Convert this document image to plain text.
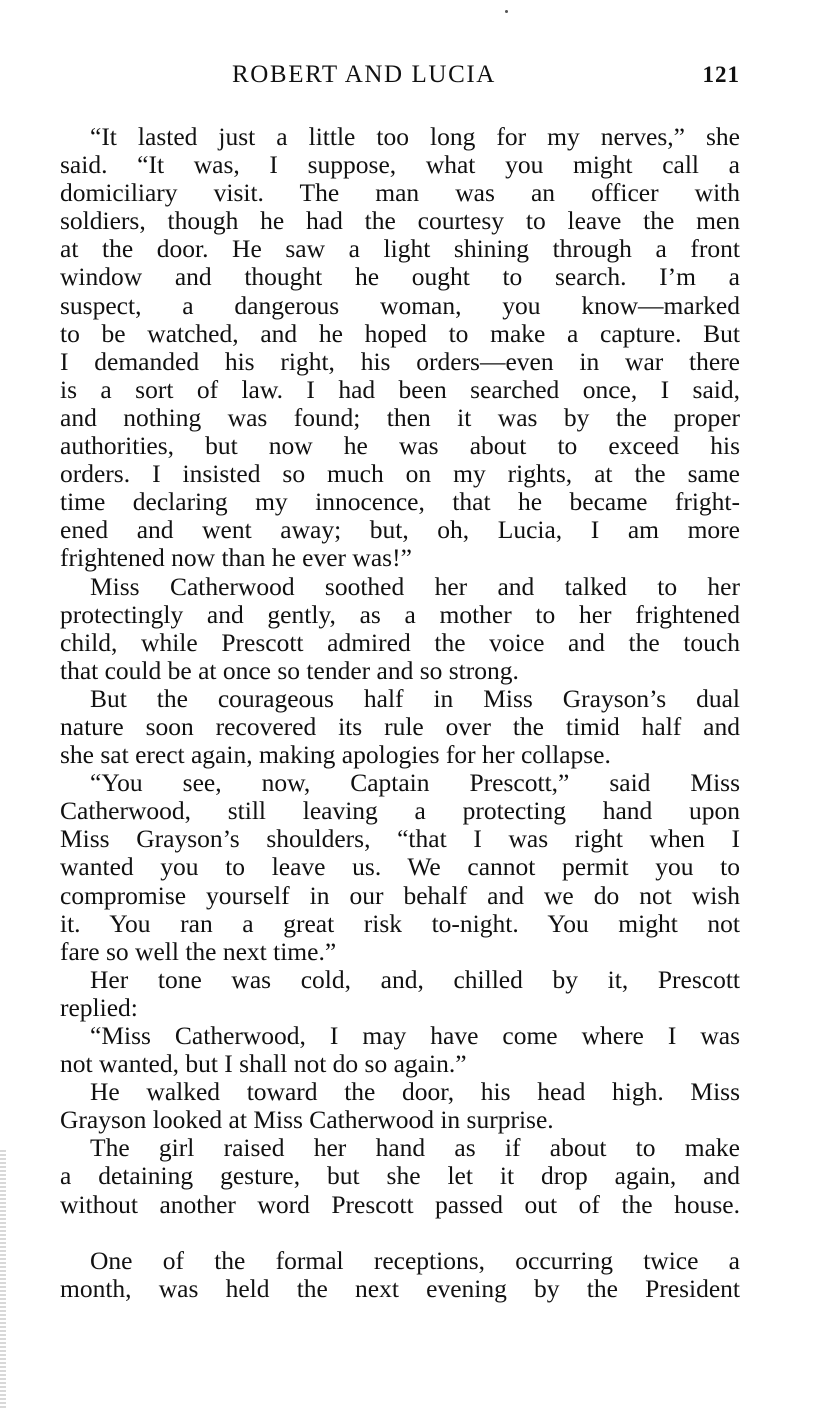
ROBERT AND LUCIA	121
“It lasted just a little too long for my nerves,” she
said. “It was, I suppose, what you might call a
domiciliary visit. The man was an officer with
soldiers, though he had the courtesy to leave the men
at the door. He saw a light shining through a front
window and thought he ought to search. I’m a
suspect, a dangerous woman, you know—marked
to be watched, and he hoped to make a capture. But
I demanded his right, his orders—even in war there
is a sort of law. I had been searched once, I said,
and nothing was found; then it was by the proper
authorities, but now he was about to exceed his
orders. I insisted so much on my rights, at the same
time declaring my innocence, that he became fright-
ened and went away; but, oh, Lucia, I am more
frightened now than he ever was!”
Miss Catherwood soothed her and talked to her
protectingly and gently, as a mother to her frightened
child, while Prescott admired the voice and the touch
that could be at once so tender and so strong.
But the courageous half in Miss Grayson’s dual
nature soon recovered its rule over the timid half and
she sat erect again, making apologies for her collapse.
“You see, now, Captain Prescott,” said Miss
Catherwood, still leaving a protecting hand upon
Miss Grayson’s shoulders, “that I was right when I
wanted you to leave us. We cannot permit you to
compromise yourself in our behalf and we do not wish
it. You ran a great risk to-night. You might not
fare so well the next time.”
Her tone was cold, and, chilled by it, Prescott
replied:
“Miss Catherwood, I may have come where I was
not wanted, but I shall not do so again.”
He walked toward the door, his head high. Miss
Grayson looked at Miss Catherwood in surprise.
The girl raised her hand as if about to make
a detaining gesture, but she let it drop again, and
without another word Prescott passed out of the house.
One of the formal receptions, occurring twice a
month, was held the next evening by the President
